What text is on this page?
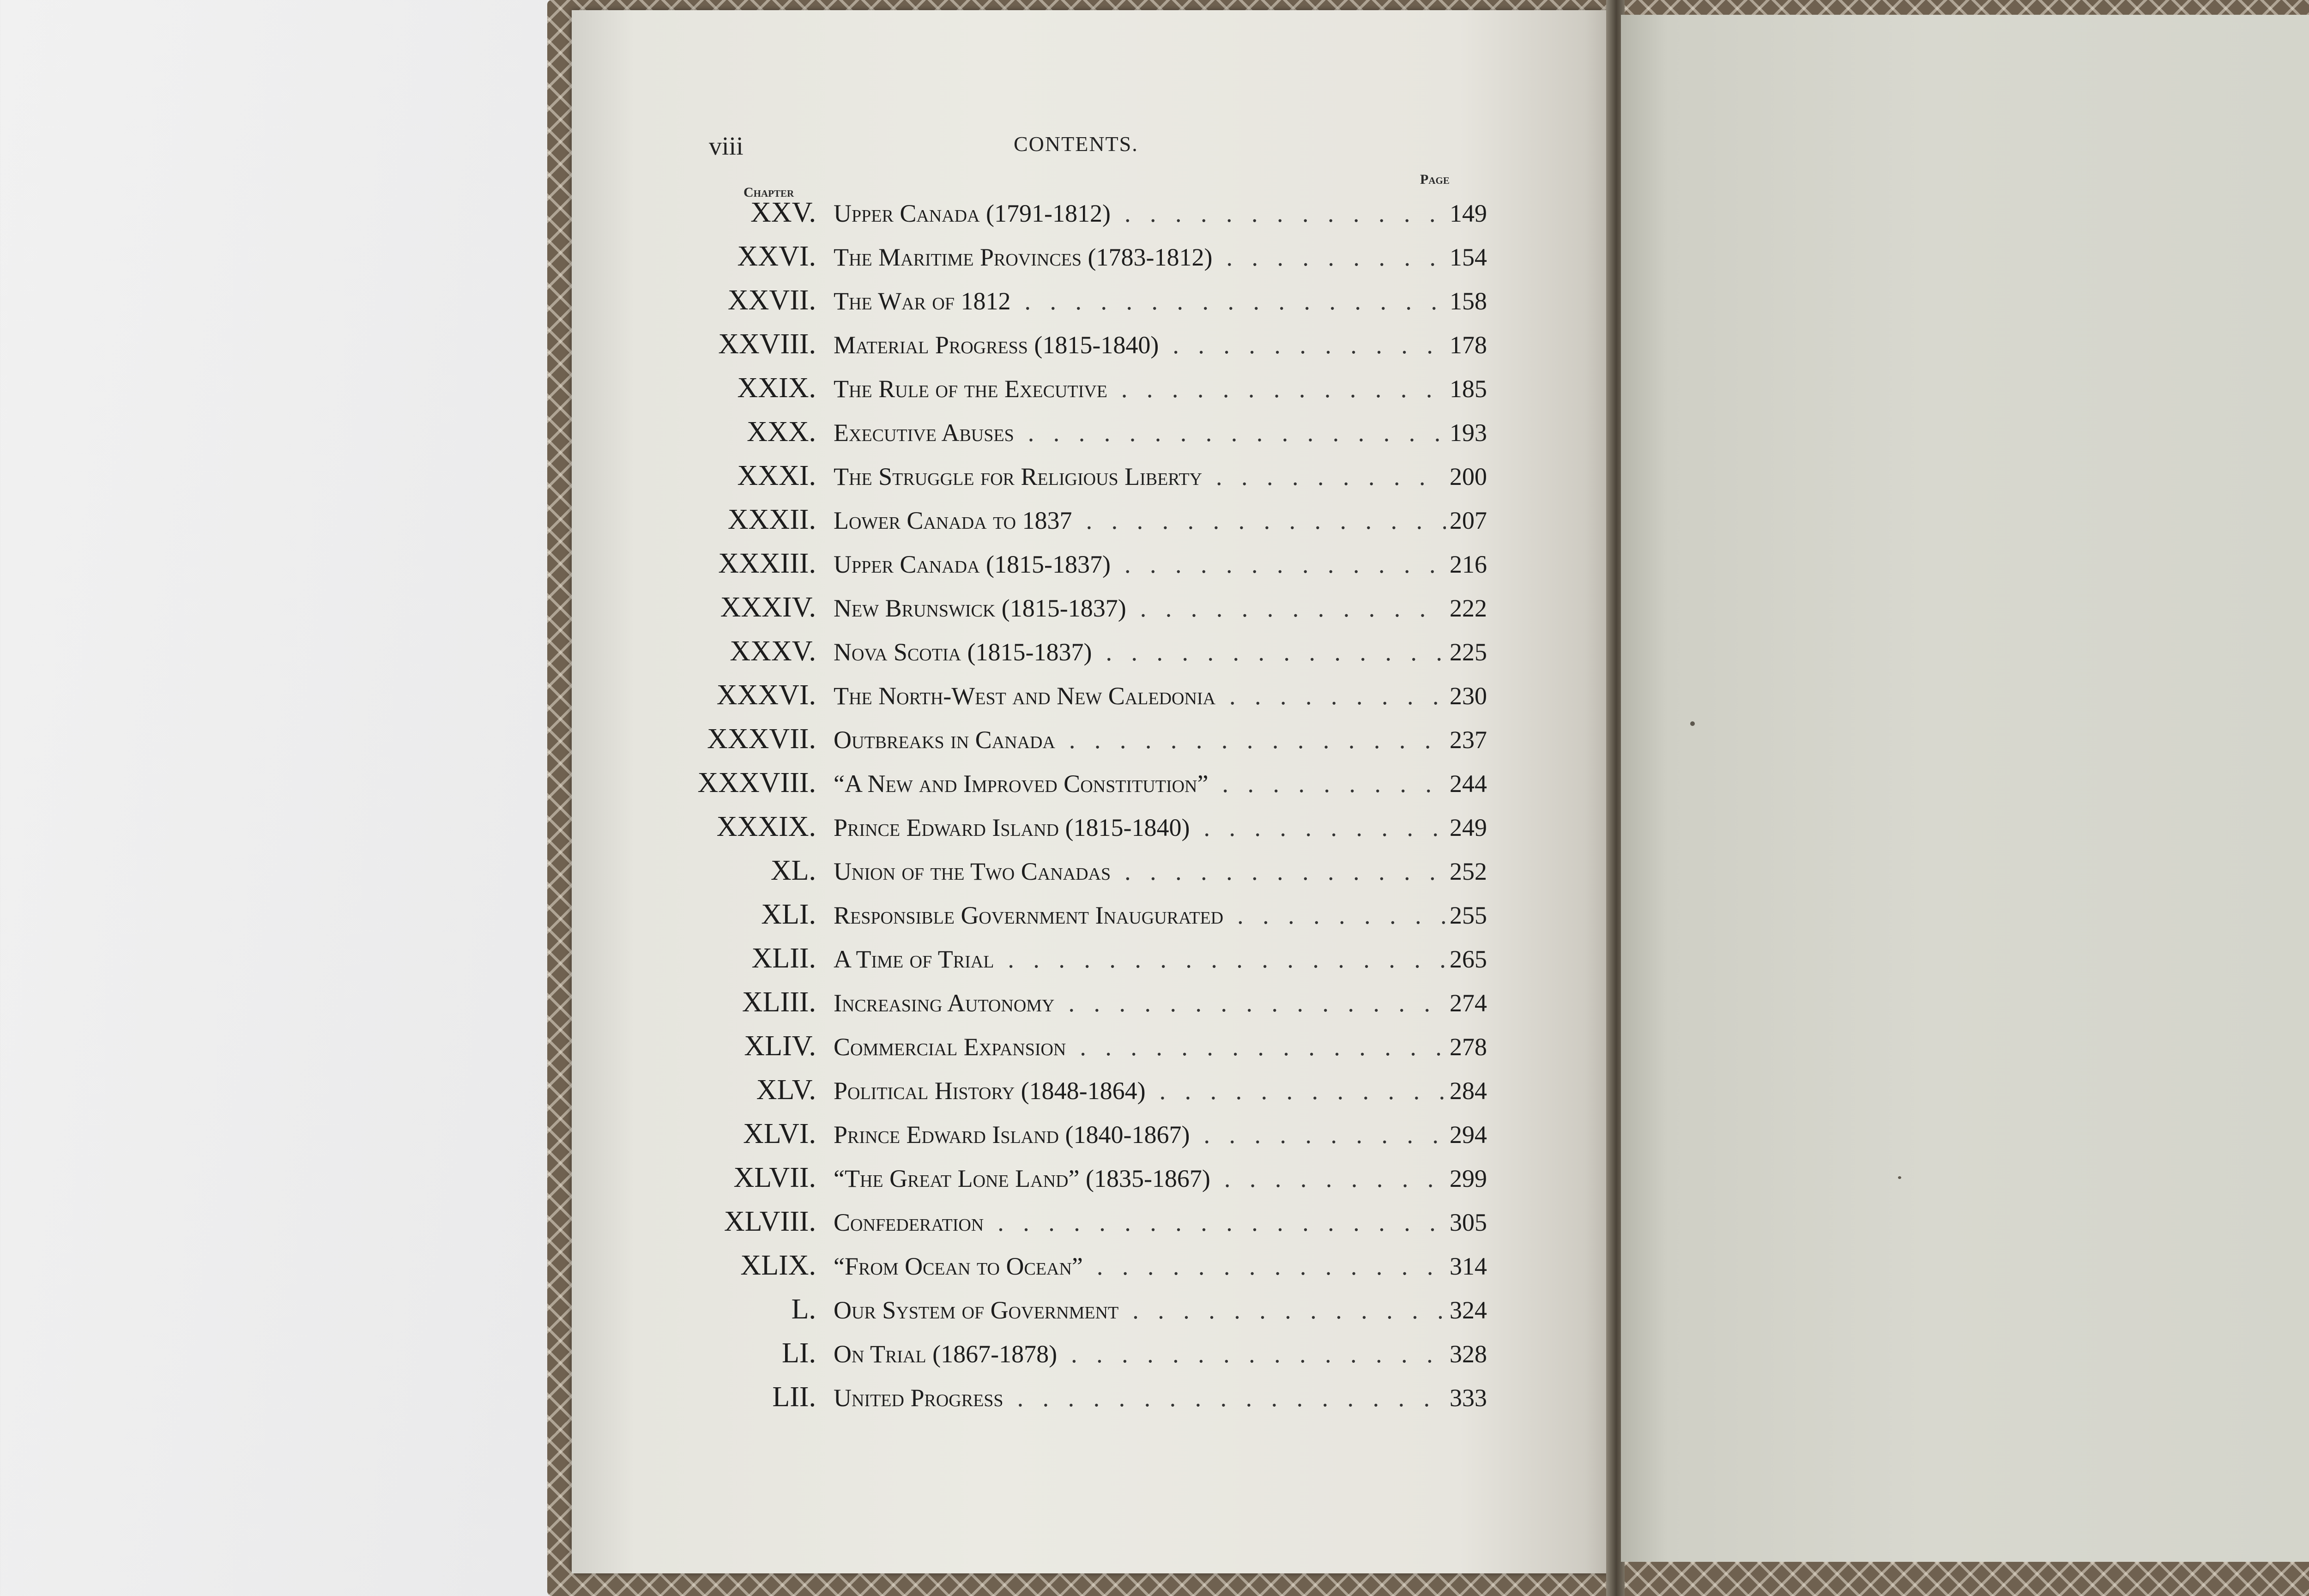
viii	CONTENTS.
Chapter
Page
XXV. Upper Canada (1791-1812) . . .	149
XXVI. The Maritime Provinces (1783-1812) . . .	154
XXVII. The War of 1812 . . .	158
XXVIII. Material Progress (1815-1840) . . .	178
XXIX. The Rule of the Executive . . .	185
XXX. Executive Abuses . . .	193
XXXI. The Struggle for Religious Liberty . . .	200
XXXII. Lower Canada to 1837 . . .	207
XXXIII. Upper Canada (1815-1837) . . .	216
XXXIV. New Brunswick (1815-1837) . . .	222
XXXV. Nova Scotia (1815-1837) . . .	225
XXXVI. The North-West and New Caledonia . . .	230
XXXVII. Outbreaks in Canada . . .	237
XXXVIII. “A New and Improved Constitution” . . .	244
XXXIX. Prince Edward Island (1815-1840) . . .	249
XL. Union of the Two Canadas . . .	252
XLI. Responsible Government Inaugurated . . .	255
XLII. A Time of Trial . . .	265
XLIII. Increasing Autonomy . . .	274
XLIV. Commercial Expansion . . .	278
XLV. Political History (1848-1864) . . .	284
XLVI. Prince Edward Island (1840-1867) . . .	294
XLVII. “The Great Lone Land” (1835-1867) . . .	299
XLVIII. Confederation . . .	305
XLIX. “From Ocean to Ocean” . . .	314
L. Our System of Government . . .	324
LI. On Trial (1867-1878) . . .	328
LII. United Progress . . .	333
